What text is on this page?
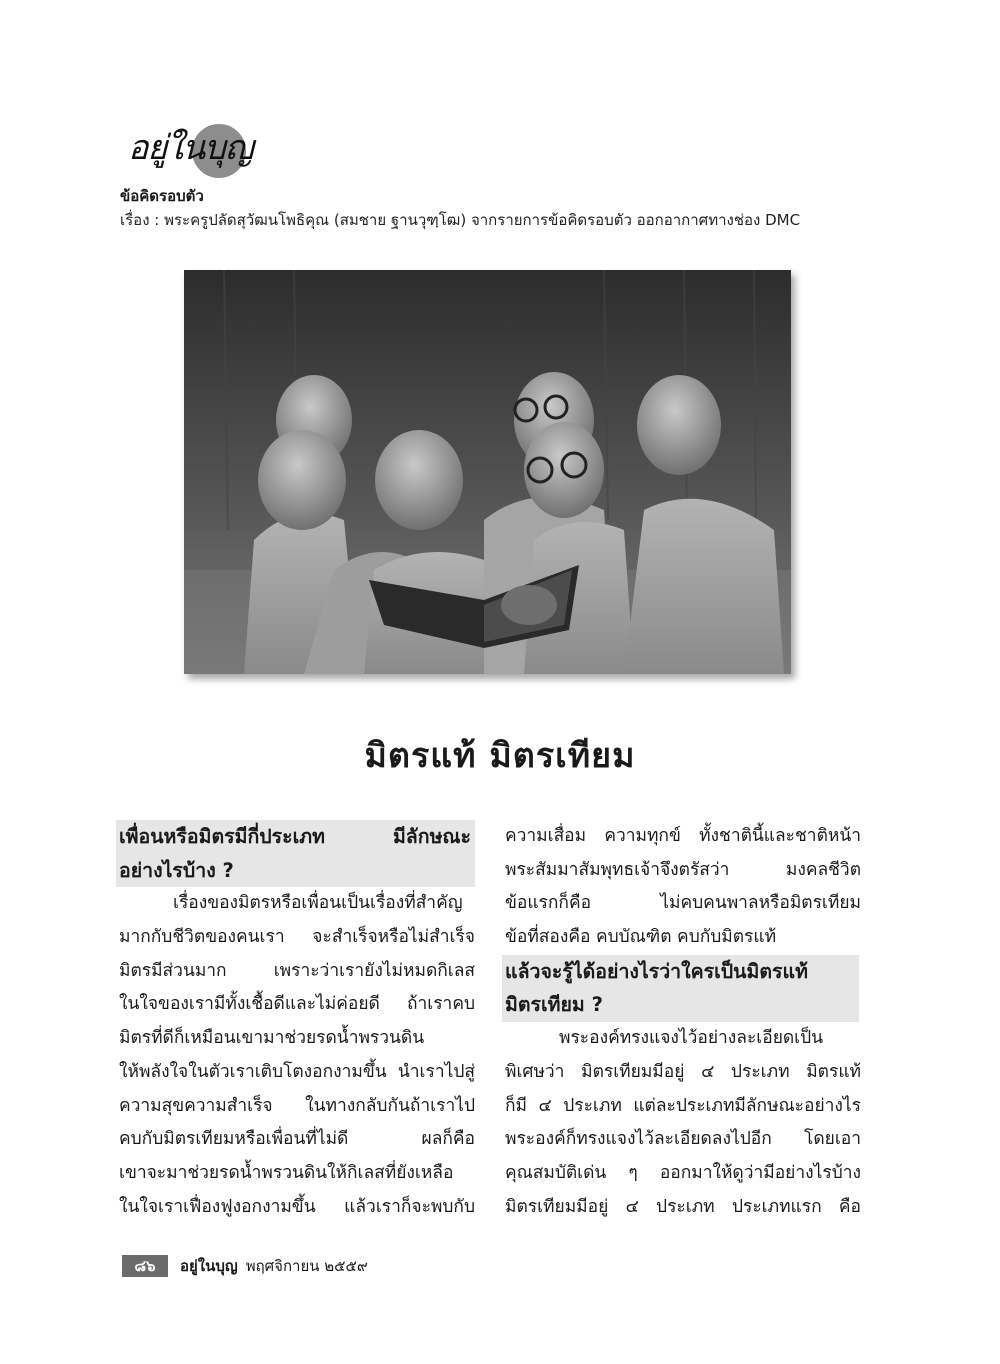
อยู่ในบุญ
ข้อคิดรอบตัว
เรื่อง : พระครูปลัดสุวัฒนโพธิคุณ (สมชาย ฐานวุฑฺโฒ) จากรายการข้อคิดรอบตัว ออกอากาศทางช่อง DMC
มิตรแท้ มิตรเทียม
เพื่อนหรือมิตรมีกี่ประเภท มีลักษณะ
อย่างไรบ้าง ?
เรื่องของมิตรหรือเพื่อนเป็นเรื่องที่สำคัญ
มากกับชีวิตของคนเรา จะสำเร็จหรือไม่สำเร็จ
มิตรมีส่วนมาก เพราะว่าเรายังไม่หมดกิเลส
ในใจของเรามีทั้งเชื้อดีและไม่ค่อยดี ถ้าเราคบ
มิตรที่ดีก็เหมือนเขามาช่วยรดน้ำพรวนดิน
ให้พลังใจในตัวเราเติบโตงอกงามขึ้น นำเราไปสู่
ความสุขความสำเร็จ ในทางกลับกันถ้าเราไป
คบกับมิตรเทียมหรือเพื่อนที่ไม่ดี ผลก็คือ
เขาจะมาช่วยรดน้ำพรวนดินให้กิเลสที่ยังเหลือ
ในใจเราเฟื่องฟูงอกงามขึ้น แล้วเราก็จะพบกับ
ความเสื่อม ความทุกข์ ทั้งชาตินี้และชาติหน้า
พระสัมมาสัมพุทธเจ้าจึงตรัสว่า มงคลชีวิต
ข้อแรกก็คือ ไม่คบคนพาลหรือมิตรเทียม
ข้อที่สองคือ คบบัณฑิต คบกับมิตรแท้
แล้วจะรู้ได้อย่างไรว่าใครเป็นมิตรแท้
มิตรเทียม ?
พระองค์ทรงแจงไว้อย่างละเอียดเป็น
พิเศษว่า มิตรเทียมมีอยู่ ๔ ประเภท มิตรแท้
ก็มี ๔ ประเภท แต่ละประเภทมีลักษณะอย่างไร
พระองค์ก็ทรงแจงไว้ละเอียดลงไปอีก โดยเอา
คุณสมบัติเด่น ๆ ออกมาให้ดูว่ามีอย่างไรบ้าง
มิตรเทียมมีอยู่ ๔ ประเภท ประเภทแรก คือ
๘๖	อยู่ในบุญ พฤศจิกายน ๒๕๕๙
